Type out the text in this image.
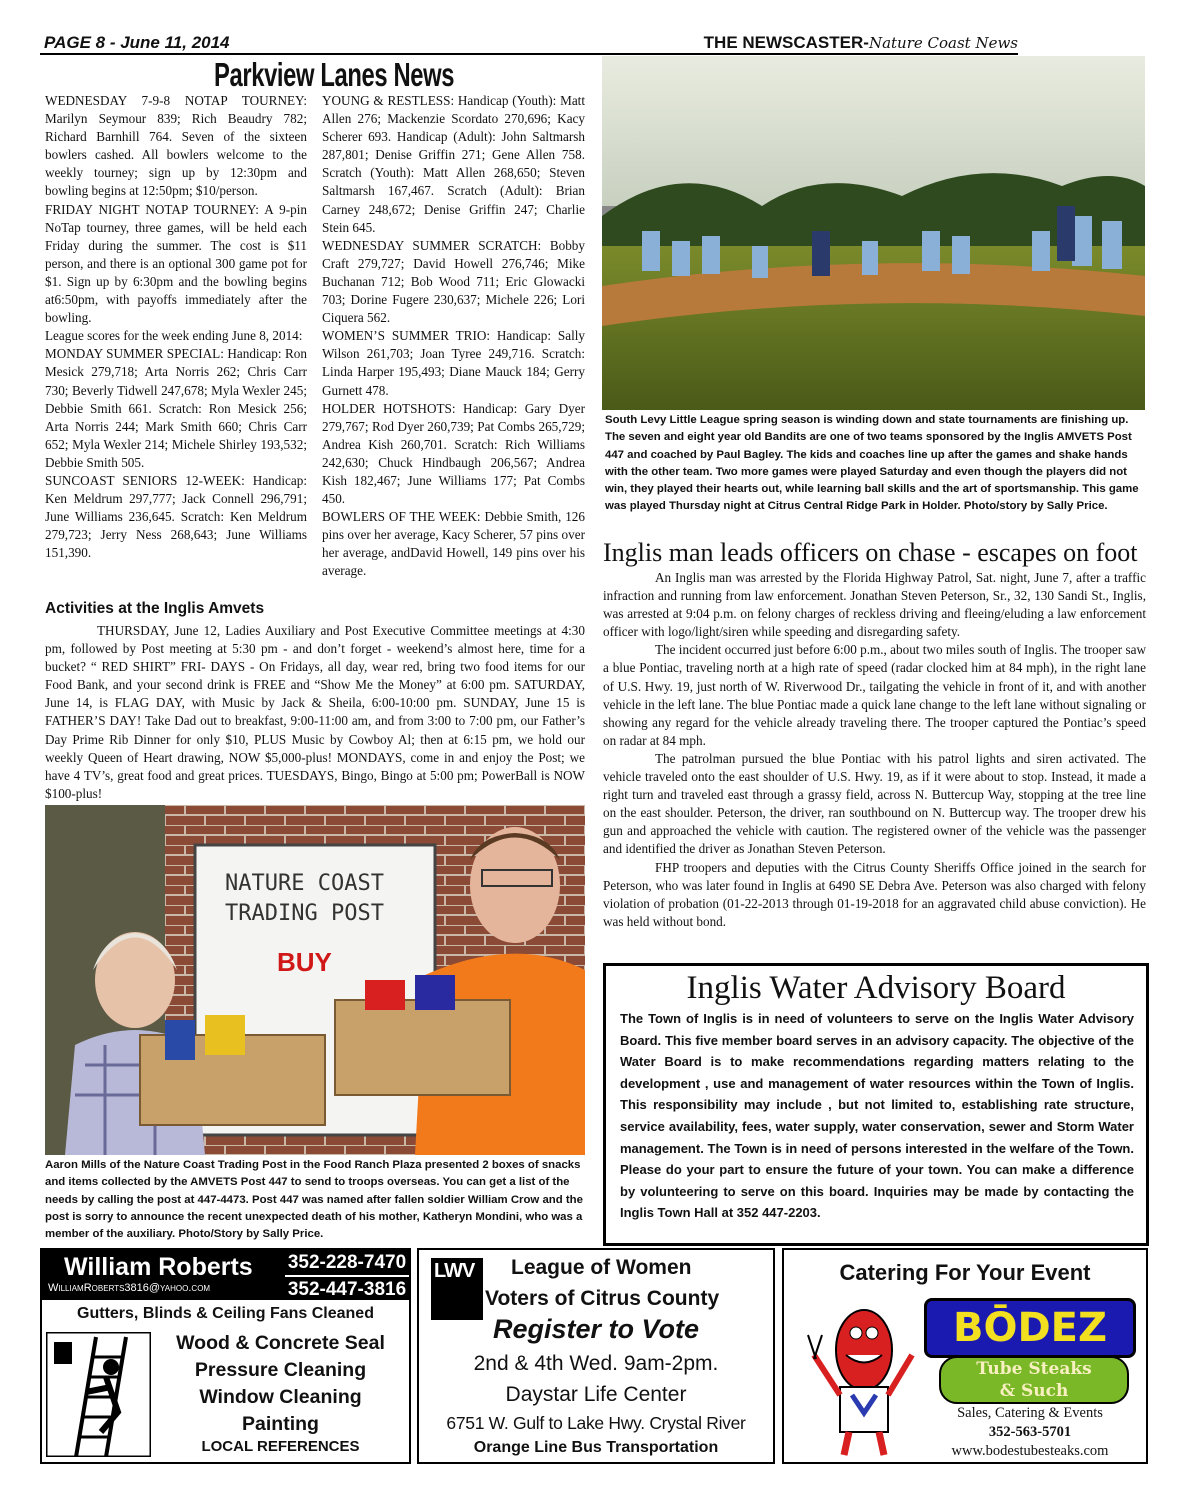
PAGE 8 - June 11, 2014	THE NEWSCASTER-Nature Coast News
Parkview Lanes News

WEDNESDAY 7-9-8 NOTAP TOURNEY: Marilyn Seymour 839; Rich Beaudry 782; Richard Barnhill 764. Seven of the sixteen bowlers cashed. All bowlers welcome to the weekly tourney; sign up by 12:30pm and bowling begins at 12:50pm; $10/person.

FRIDAY NIGHT NOTAP TOURNEY: A 9-pin NoTap tourney, three games, will be held each Friday during the summer. The cost is $11 person, and there is an optional 300 game pot for $1. Sign up by 6:30pm and the bowling begins at6:50pm, with payoffs immediately after the bowling.

League scores for the week ending June 8, 2014:

MONDAY SUMMER SPECIAL: Handicap: Ron Mesick 279,718; Arta Norris 262; Chris Carr 730; Beverly Tidwell 247,678; Myla Wexler 245; Debbie Smith 661. Scratch: Ron Mesick 256; Arta Norris 244; Mark Smith 660; Chris Carr 652; Myla Wexler 214; Michele Shirley 193,532; Debbie Smith 505.

SUNCOAST SENIORS 12-WEEK: Handicap: Ken Meldrum 297,777; Jack Connell 296,791; June Williams 236,645. Scratch: Ken Meldrum 279,723; Jerry Ness 268,643; June Williams 151,390.

YOUNG & RESTLESS: Handicap (Youth): Matt Allen 276; Mackenzie Scordato 270,696; Kacy Scherer 693. Handicap (Adult): John Saltmarsh 287,801; Denise Griffin 271; Gene Allen 758. Scratch (Youth): Matt Allen 268,650; Steven Saltmarsh 167,467. Scratch (Adult): Brian Carney 248,672; Denise Griffin 247; Charlie Stein 645.

WEDNESDAY SUMMER SCRATCH: Bobby Craft 279,727; David Howell 276,746; Mike Buchanan 712; Bob Wood 711; Eric Glowacki 703; Dorine Fugere 230,637; Michele 226; Lori Ciquera 562.

WOMEN’S SUMMER TRIO: Handicap: Sally Wilson 261,703; Joan Tyree 249,716. Scratch: Linda Harper 195,493; Diane Mauck 184; Gerry Gurnett 478.

HOLDER HOTSHOTS: Handicap: Gary Dyer 279,767; Rod Dyer 260,739; Pat Combs 265,729; Andrea Kish 260,701. Scratch: Rich Williams 242,630; Chuck Hindbaugh 206,567; Andrea Kish 182,467; June Williams 177; Pat Combs 450.

BOWLERS OF THE WEEK: Debbie Smith, 126 pins over her average, Kacy Scherer, 57 pins over her average, andDavid Howell, 149 pins over his average.

Activities at the Inglis Amvets

THURSDAY, June 12, Ladies Auxiliary and Post Executive Committee meetings at 4:30 pm, followed by Post meeting at 5:30 pm - and don’t forget - weekend’s almost here, time for a bucket? “ RED SHIRT” FRI- DAYS - On Fridays, all day, wear red, bring two food items for our Food Bank, and your second drink is FREE and “Show Me the Money” at 6:00 pm. SATURDAY, June 14, is FLAG DAY, with Music by Jack & Sheila, 6:00-10:00 pm. SUNDAY, June 15 is FATHER’S DAY! Take Dad out to breakfast, 9:00-11:00 am, and from 3:00 to 7:00 pm, our Father’s Day Prime Rib Dinner for only $10, PLUS Music by Cowboy Al; then at 6:15 pm, we hold our weekly Queen of Heart drawing, NOW $5,000-plus! MONDAYS, come in and enjoy the Post; we have 4 TV’s, great food and great prices. TUESDAYS, Bingo, Bingo at 5:00 pm; PowerBall is NOW $100-plus!

NATURE COAST
TRADING POST
BUY
Aaron Mills of the Nature Coast Trading Post in the Food Ranch Plaza presented 2 boxes of snacks and items collected by the AMVETS Post 447 to send to troops overseas. You can get a list of the needs by calling the post at 447-4473. Post 447 was named after fallen soldier William Crow and the post is sorry to announce the recent unexpected death of his mother, Katheryn Mondini, who was a member of the auxiliary. Photo/Story by Sally Price.
South Levy Little League spring season is winding down and state tournaments are finishing up. The seven and eight year old Bandits are one of two teams sponsored by the Inglis AMVETS Post 447 and coached by Paul Bagley. The kids and coaches line up after the games and shake hands with the other team. Two more games were played Saturday and even though the players did not win, they played their hearts out, while learning ball skills and the art of sportsmanship. This game was played Thursday night at Citrus Central Ridge Park in Holder. Photo/story by Sally Price.
Inglis man leads officers on chase - escapes on foot

An Inglis man was arrested by the Florida Highway Patrol, Sat. night, June 7, after a traffic infraction and running from law enforcement. Jonathan Steven Peterson, Sr., 32, 130 Sandi St., Inglis, was arrested at 9:04 p.m. on felony charges of reckless driving and fleeing/eluding a law enforcement officer with logo/light/siren while speeding and disregarding safety.

The incident occurred just before 6:00 p.m., about two miles south of Inglis. The trooper saw a blue Pontiac, traveling north at a high rate of speed (radar clocked him at 84 mph), in the right lane of U.S. Hwy. 19, just north of W. Riverwood Dr., tailgating the vehicle in front of it, and with another vehicle in the left lane. The blue Pontiac made a quick lane change to the left lane without signaling or showing any regard for the vehicle already traveling there. The trooper captured the Pontiac’s speed on radar at 84 mph.

The patrolman pursued the blue Pontiac with his patrol lights and siren activated. The vehicle traveled onto the east shoulder of U.S. Hwy. 19, as if it were about to stop. Instead, it made a right turn and traveled east through a grassy field, across N. Buttercup Way, stopping at the tree line on the east shoulder. Peterson, the driver, ran southbound on N. Buttercup way. The trooper drew his gun and approached the vehicle with caution. The registered owner of the vehicle was the passenger and identified the driver as Jonathan Steven Peterson.

FHP troopers and deputies with the Citrus County Sheriffs Office joined in the search for Peterson, who was later found in Inglis at 6490 SE Debra Ave. Peterson was also charged with felony violation of probation (01-22-2013 through 01-19-2018 for an aggravated child abuse conviction). He was held without bond.

Inglis Water Advisory Board
The Town of Inglis is in need of volunteers to serve on the Inglis Water Advisory Board. This five member board serves in an advisory capacity. The objective of the Water Board is to make recommendations regarding matters relating to the development , use and management of water resources within the Town of Inglis. This responsibility may include , but not limited to, establishing rate structure, service availability, fees, water supply, water conservation, sewer and Storm Water management. The Town is in need of persons interested in the welfare of the Town. Please do your part to ensure the future of your town. You can make a difference by volunteering to serve on this board. Inquiries may be made by contacting the Inglis Town Hall at 352 447-2203.
William Roberts
WilliamRoberts3816@yahoo.com
352-228-7470
352-447-3816
Gutters, Blinds & Ceiling Fans Cleaned
Wood & Concrete Seal
Pressure Cleaning
Window Cleaning
Painting
LOCAL REFERENCES
LWV League of Women
Voters of Citrus County
Register to Vote
2nd & 4th Wed. 9am-2pm.
Daystar Life Center
6751 W. Gulf to Lake Hwy. Crystal River
Orange Line Bus Transportation
Catering For Your Event
BŌDEZ
Tube Steaks
& Such
Sales, Catering & Events
352-563-5701
www.bodestubesteaks.com
